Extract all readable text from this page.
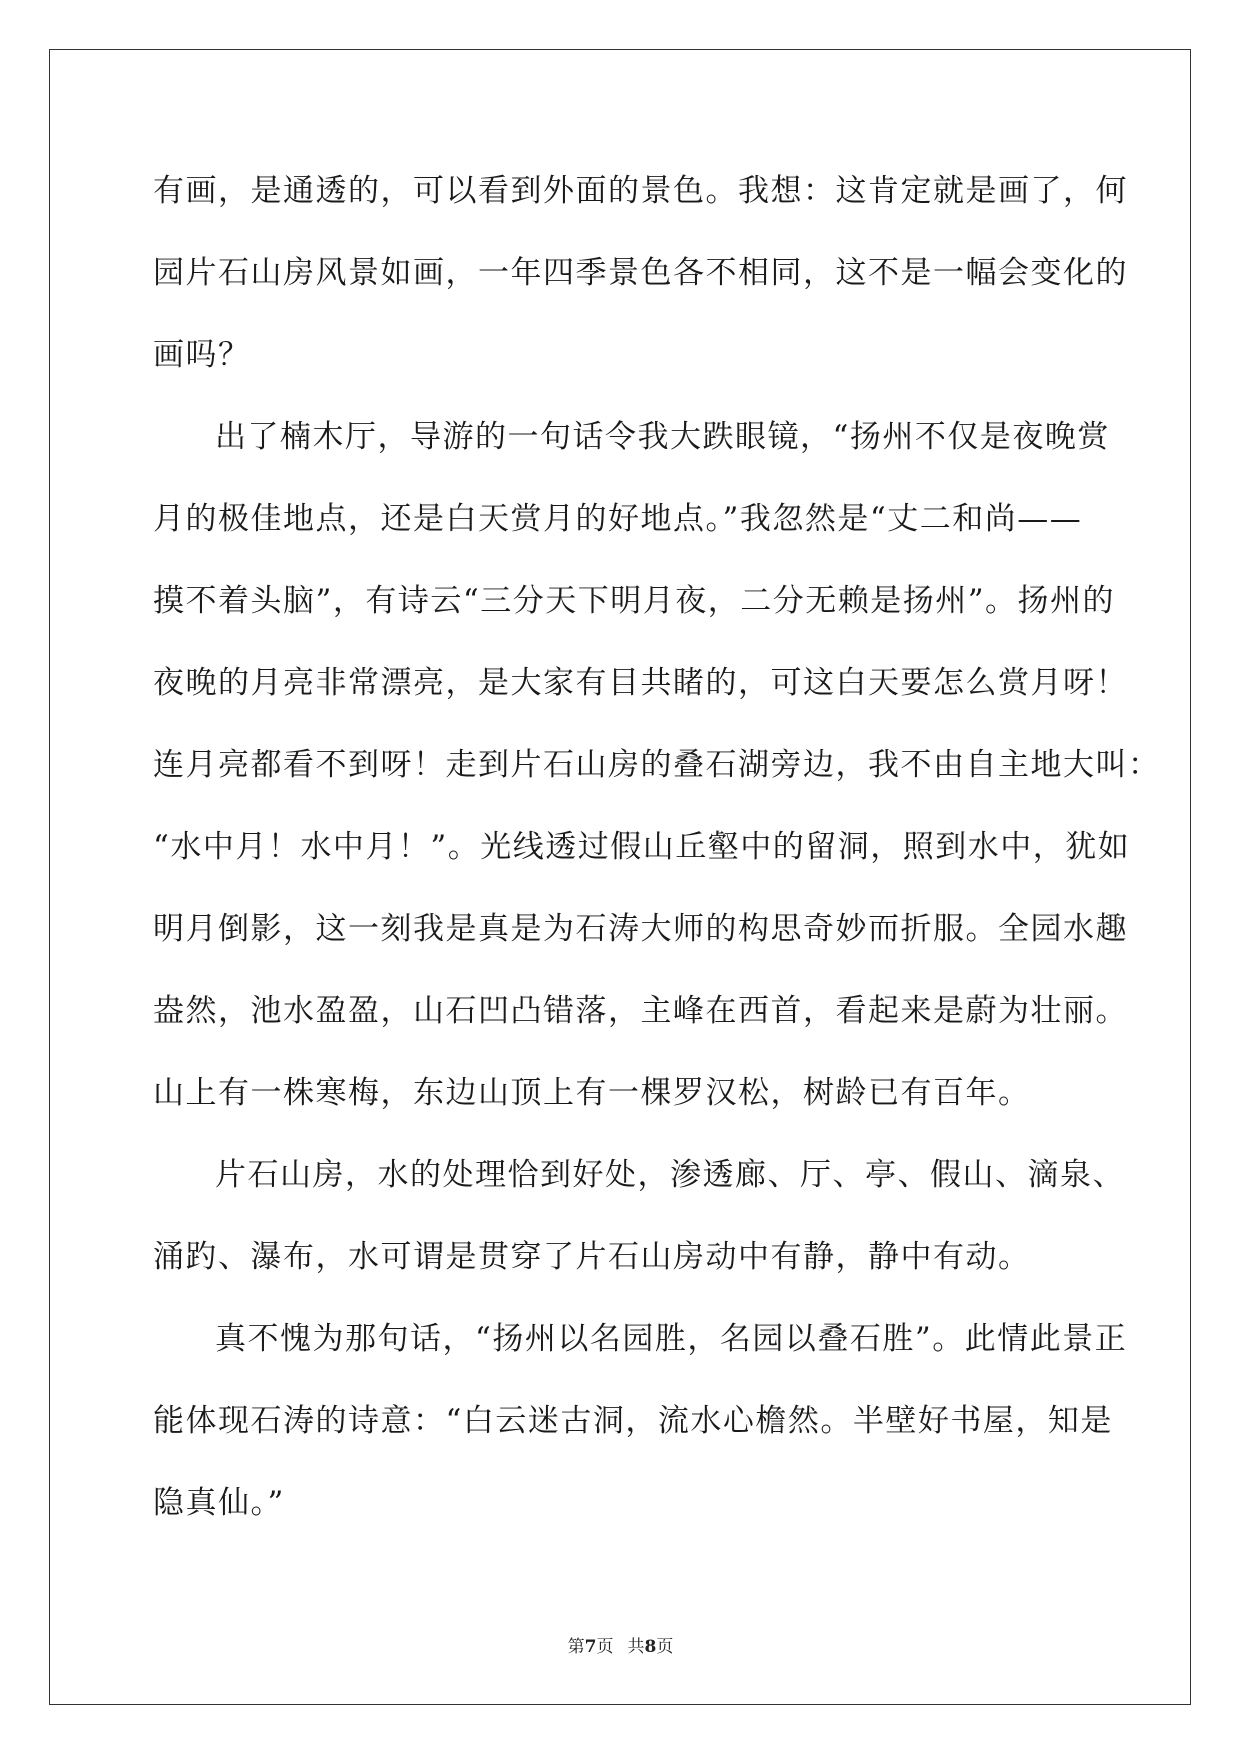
有画，是通透的，可以看到外面的景色。我想：这肯定就是画了，何
园片石山房风景如画，一年四季景色各不相同，这不是一幅会变化的
画吗？
出了楠木厅，导游的一句话令我大跌眼镜，“扬州不仅是夜晚赏
月的极佳地点，还是白天赏月的好地点。”我忽然是“丈二和尚——
摸不着头脑”，有诗云“三分天下明月夜，二分无赖是扬州”。扬州的
夜晚的月亮非常漂亮，是大家有目共睹的，可这白天要怎么赏月呀！
连月亮都看不到呀！走到片石山房的叠石湖旁边，我不由自主地大叫：
“水中月！水中月！”。光线透过假山丘壑中的留洞，照到水中，犹如
明月倒影，这一刻我是真是为石涛大师的构思奇妙而折服。全园水趣
盎然，池水盈盈，山石凹凸错落，主峰在西首，看起来是蔚为壮丽。
山上有一株寒梅，东边山顶上有一棵罗汉松，树龄已有百年。
片石山房，水的处理恰到好处，渗透廊、厅、亭、假山、滴泉、
涌趵、瀑布，水可谓是贯穿了片石山房动中有静，静中有动。
真不愧为那句话，“扬州以名园胜，名园以叠石胜”。此情此景正
能体现石涛的诗意：“白云迷古洞，流水心檐然。半壁好书屋，知是
隐真仙。”
第7页 共8页
